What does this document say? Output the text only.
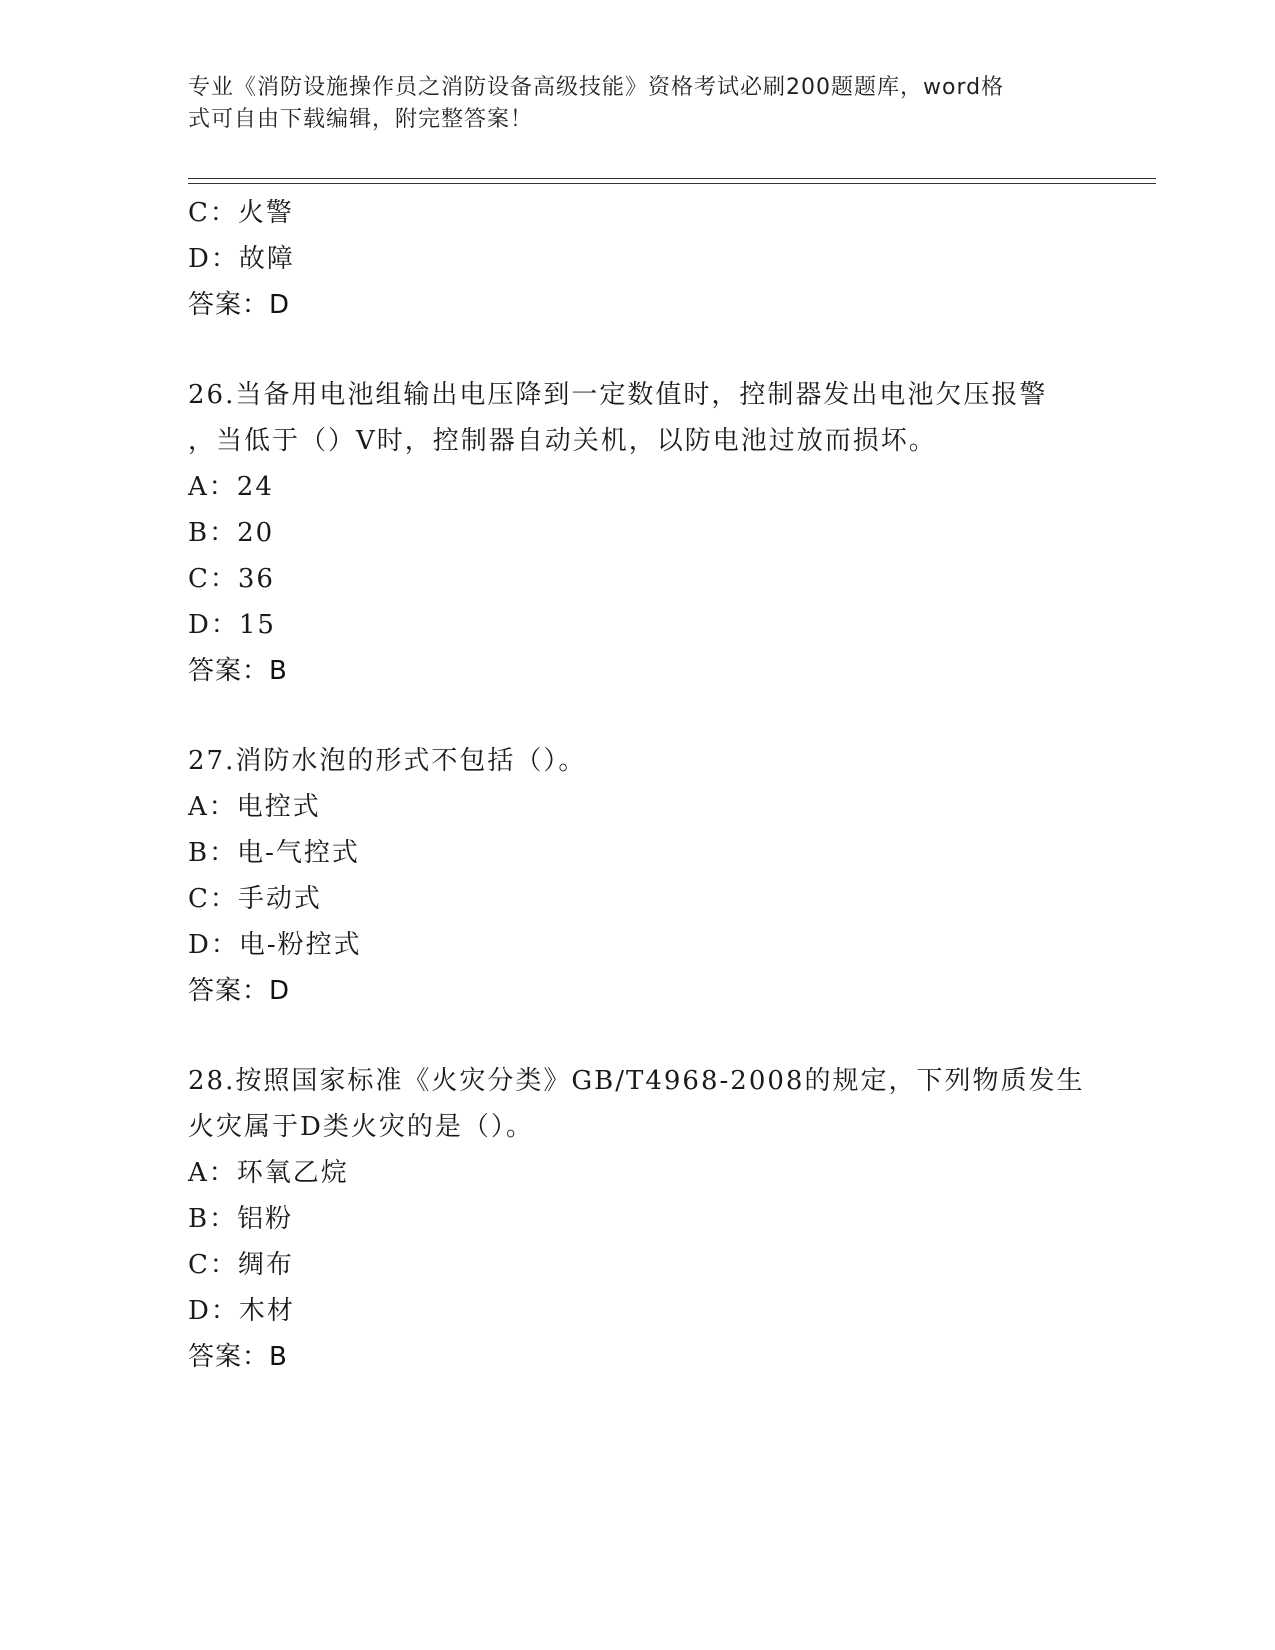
专业《消防设施操作员之消防设备高级技能》资格考试必刷200题题库，word格
式可自由下载编辑，附完整答案！
C：火警
D：故障
答案：D
26.当备用电池组输出电压降到一定数值时，控制器发出电池欠压报警
，当低于（）V时，控制器自动关机，以防电池过放而损坏。
A：24
B：20
C：36
D：15
答案：B
27.消防水泡的形式不包括（）。
A：电控式
B：电-气控式
C：手动式
D：电-粉控式
答案：D
28.按照国家标准《火灾分类》GB/T4968-2008的规定，下列物质发生
火灾属于D类火灾的是（）。
A：环氧乙烷
B：铝粉
C：绸布
D：木材
答案：B
